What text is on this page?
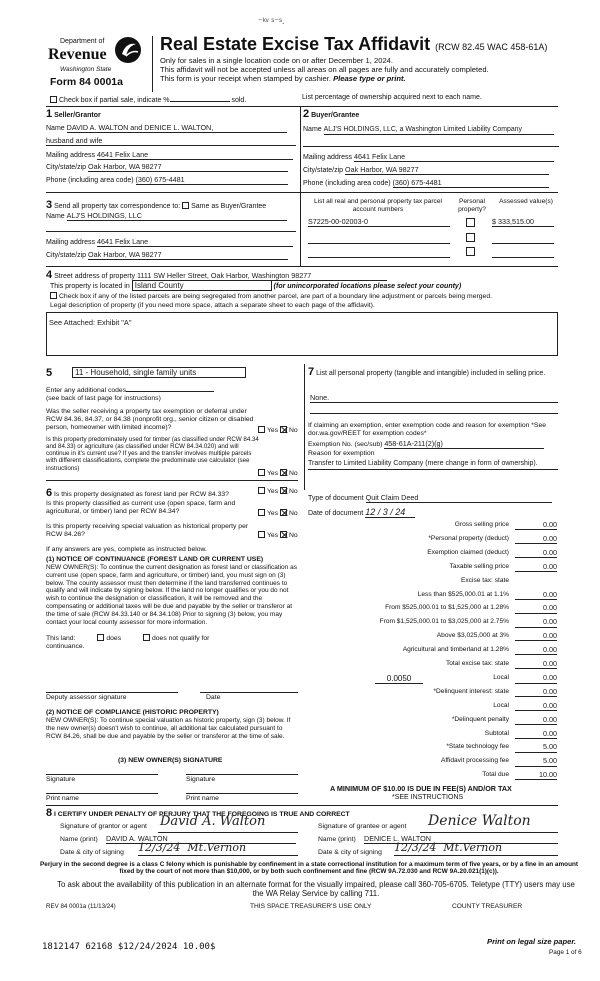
⁻ᵏᵛ ˢ⁻ˢ.
Department of
Revenue
Washington State
Form 84 0001a
Real Estate Excise Tax Affidavit (RCW 82.45 WAC 458-61A)
Only for sales in a single location code on or after December 1, 2024.
This affidavit will not be accepted unless all areas on all pages are fully and accurately completed.
This form is your receipt when stamped by cashier. Please type or print.
Check box if partial sale, indicate %	sold.	List percentage of ownership acquired next to each name.
1 Seller/Grantor
Name DAVID A. WALTON and DENICE L. WALTON,
husband and wife
Mailing address 4641 Felix Lane
City/state/zip Oak Harbor, WA 98277
Phone (including area code) (360) 675-4481
2 Buyer/Grantee
Name ALJ'S HOLDINGS, LLC, a Washington Limited Liability Company
Mailing address 4641 Felix Lane
City/state/zip Oak Harbor, WA 98277
Phone (including area code) (360) 675-4481
3 Send all property tax correspondence to: Same as Buyer/Grantee
Name ALJ'S HOLDINGS, LLC
Mailing address 4641 Felix Lane
City/state/zip Oak Harbor, WA 98277
List all real and personal property tax parcel account numbers
Personal property?
Assessed value(s)
S7225-00-02003-0	$ 333,515.00
4 Street address of property 1111 SW Heller Street, Oak Harbor, Washington 98277
This property is located in Island County	(for unincorporated locations please select your county)
Check box if any of the listed parcels are being segregated from another parcel, are part of a boundary line adjustment or parcels being merged.
Legal description of property (if you need more space, attach a separate sheet to each page of the affidavit).
See Attached: Exhibit "A"
5	11 - Household, single family units
Enter any additional codes
(see back of last page for instructions)
Was the seller receiving a property tax exemption or deferral under RCW 84.36, 84.37, or 84.38 (nonprofit org., senior citizen or disabled person, homeowner with limited income)?	Yes No
Is this property predominately used for timber (as classified under RCW 84.34 and 84.33) or agriculture (as classified under RCW 84.34.020) and will continue in it's current use? If yes and the transfer involves multiple parcels with different classifications, complete the predominate use calculator (see instructions)
Yes No
6 Is this property designated as forest land per RCW 84.33?	Yes No
Is this property classified as current use (open space, farm and agricultural, or timber) land per RCW 84.34?	Yes No
Is this property receiving special valuation as historical property per RCW 84.26?	Yes No
If any answers are yes, complete as instructed below.
(1) NOTICE OF CONTINUANCE (FOREST LAND OR CURRENT USE)
NEW OWNER(S): To continue the current designation as forest land or classification as current use (open space, farm and agriculture, or timber) land, you must sign on (3) below. The county assessor must then determine if the land transferred continues to qualify and will indicate by signing below. If the land no longer qualifies or you do not wish to continue the designation or classification, it will be removed and the compensating or additional taxes will be due and payable by the seller or transferor at the time of sale (RCW 84.33.140 or 84.34.108) Prior to signing (3) below, you may contact your local county assessor for more information.
This land:	does	does not qualify for
continuance.
Deputy assessor signature	Date
(2) NOTICE OF COMPLIANCE (HISTORIC PROPERTY)
NEW OWNER(S): To continue special valuation as historic property, sign (3) below. If the new owner(s) doesn't wish to continue, all additional tax calculated pursuant to RCW 84.26, shall be due and payable by the seller or transferor at the time of sale.
(3) NEW OWNER(S) SIGNATURE
Signature	Signature
Print name	Print name
7 List all personal property (tangible and intangible) included in selling price.
None.
If claiming an exemption, enter exemption code and reason for exemption *See dor.wa.gov/REET for exemption codes*
Exemption No. (sec/sub) 458-61A-211(2)(g)
Reason for exemption
Transfer to Limited Liability Company (mere change in form of ownership).
Type of document Quit Claim Deed
Date of document 12 / 3 / 24
Gross selling price	0.00
*Personal property (deduct)	0.00
Exemption claimed (deduct)	0.00
Taxable selling price	0.00
Excise tax: state
Less than $525,000.01 at 1.1%	0.00
From $525,000.01 to $1,525,000 at 1.28%	0.00
From $1,525,000.01 to $3,025,000 at 2.75%	0.00
Above $3,025,000 at 3%	0.00
Agricultural and timberland at 1.28%	0.00
Total excise tax: state	0.00
0.0050	Local	0.00
*Delinquent interest: state	0.00
Local	0.00
*Delinquent penalty	0.00
Subtotal	0.00
*State technology fee	5.00
Affidavit processing fee	5.00
Total due	10.00
A MINIMUM OF $10.00 IS DUE IN FEE(S) AND/OR TAX
*SEE INSTRUCTIONS
8 I CERTIFY UNDER PENALTY OF PERJURY THAT THE FOREGOING IS TRUE AND CORRECT
Signature of grantor or agent David A. Walton
Name (print) DAVID A. WALTON
Date & city of signing 12/3/24 Mt.Vernon
Signature of grantee or agent Denice Walton
Name (print) DENICE L. WALTON
Date & city of signing 12/3/24 Mt.Vernon
Perjury in the second degree is a class C felony which is punishable by confinement in a state correctional institution for a maximum term of five years, or by a fine in an amount fixed by the court of not more than $10,000, or by both such confinement and fine (RCW 9A.72.030 and RCW 9A.20.021(1)(c)).
To ask about the availability of this publication in an alternate format for the visually impaired, please call 360-705-6705. Teletype (TTY) users may use the WA Relay Service by calling 711.
REV 84 0001a (11/13/24)	THIS SPACE TREASURER'S USE ONLY	COUNTY TREASURER
1812147 62168 $12/24/2024 10.00$
Print on legal size paper.
Page 1 of 6
